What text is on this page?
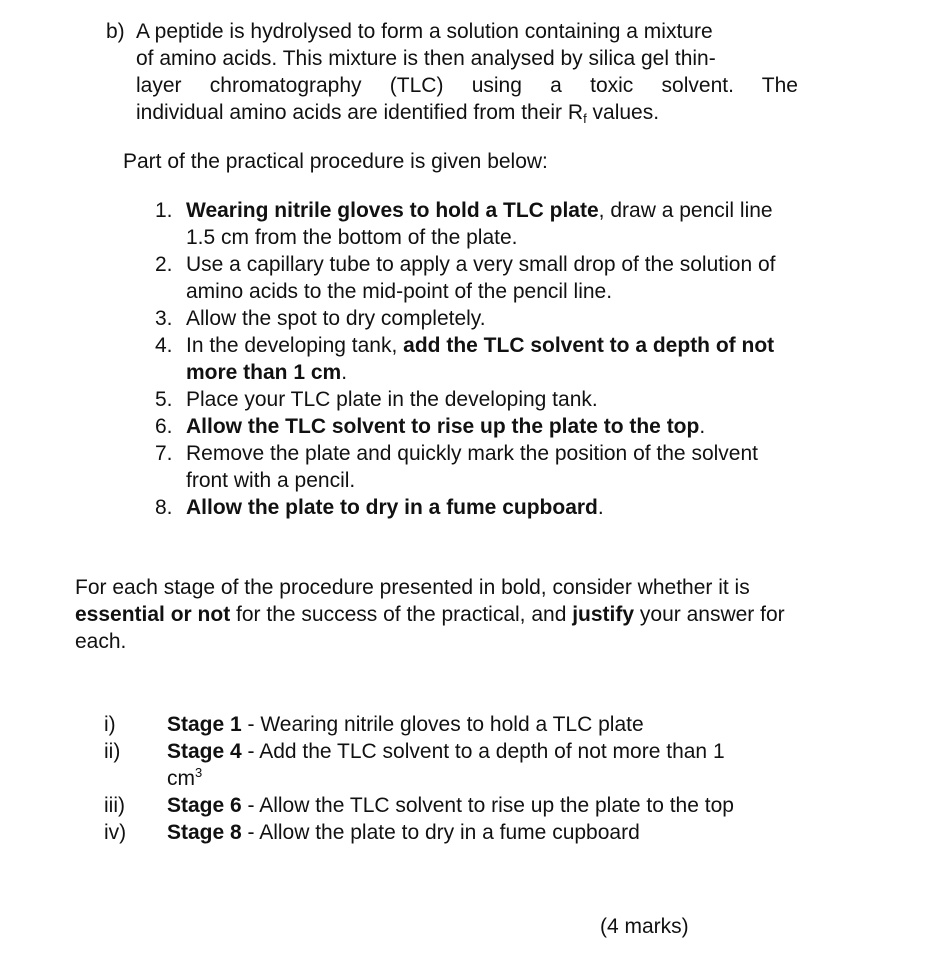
b) A peptide is hydrolysed to form a solution containing a mixture
of amino acids. This mixture is then analysed by silica gel thin-
layer chromatography (TLC) using a toxic solvent. The
individual amino acids are identified from their $R_f$ values.
Part of the practical procedure is given below:
1. Wearing nitrile gloves to hold a TLC plate, draw a pencil line 1.5 cm from the bottom of the plate.
2. Use a capillary tube to apply a very small drop of the solution of amino acids to the mid-point of the pencil line.
3. Allow the spot to dry completely.
4. In the developing tank, add the TLC solvent to a depth of not more than 1 cm.
5. Place your TLC plate in the developing tank.
6. Allow the TLC solvent to rise up the plate to the top.
7. Remove the plate and quickly mark the position of the solvent front with a pencil.
8. Allow the plate to dry in a fume cupboard.
For each stage of the procedure presented in bold, consider whether it is essential or not for the success of the practical, and justify your answer for each.
i) Stage 1 - Wearing nitrile gloves to hold a TLC plate
ii) Stage 4 - Add the TLC solvent to a depth of not more than 1 $cm^3$
iii) Stage 6 - Allow the TLC solvent to rise up the plate to the top
iv) Stage 8 - Allow the plate to dry in a fume cupboard
(4 marks)
